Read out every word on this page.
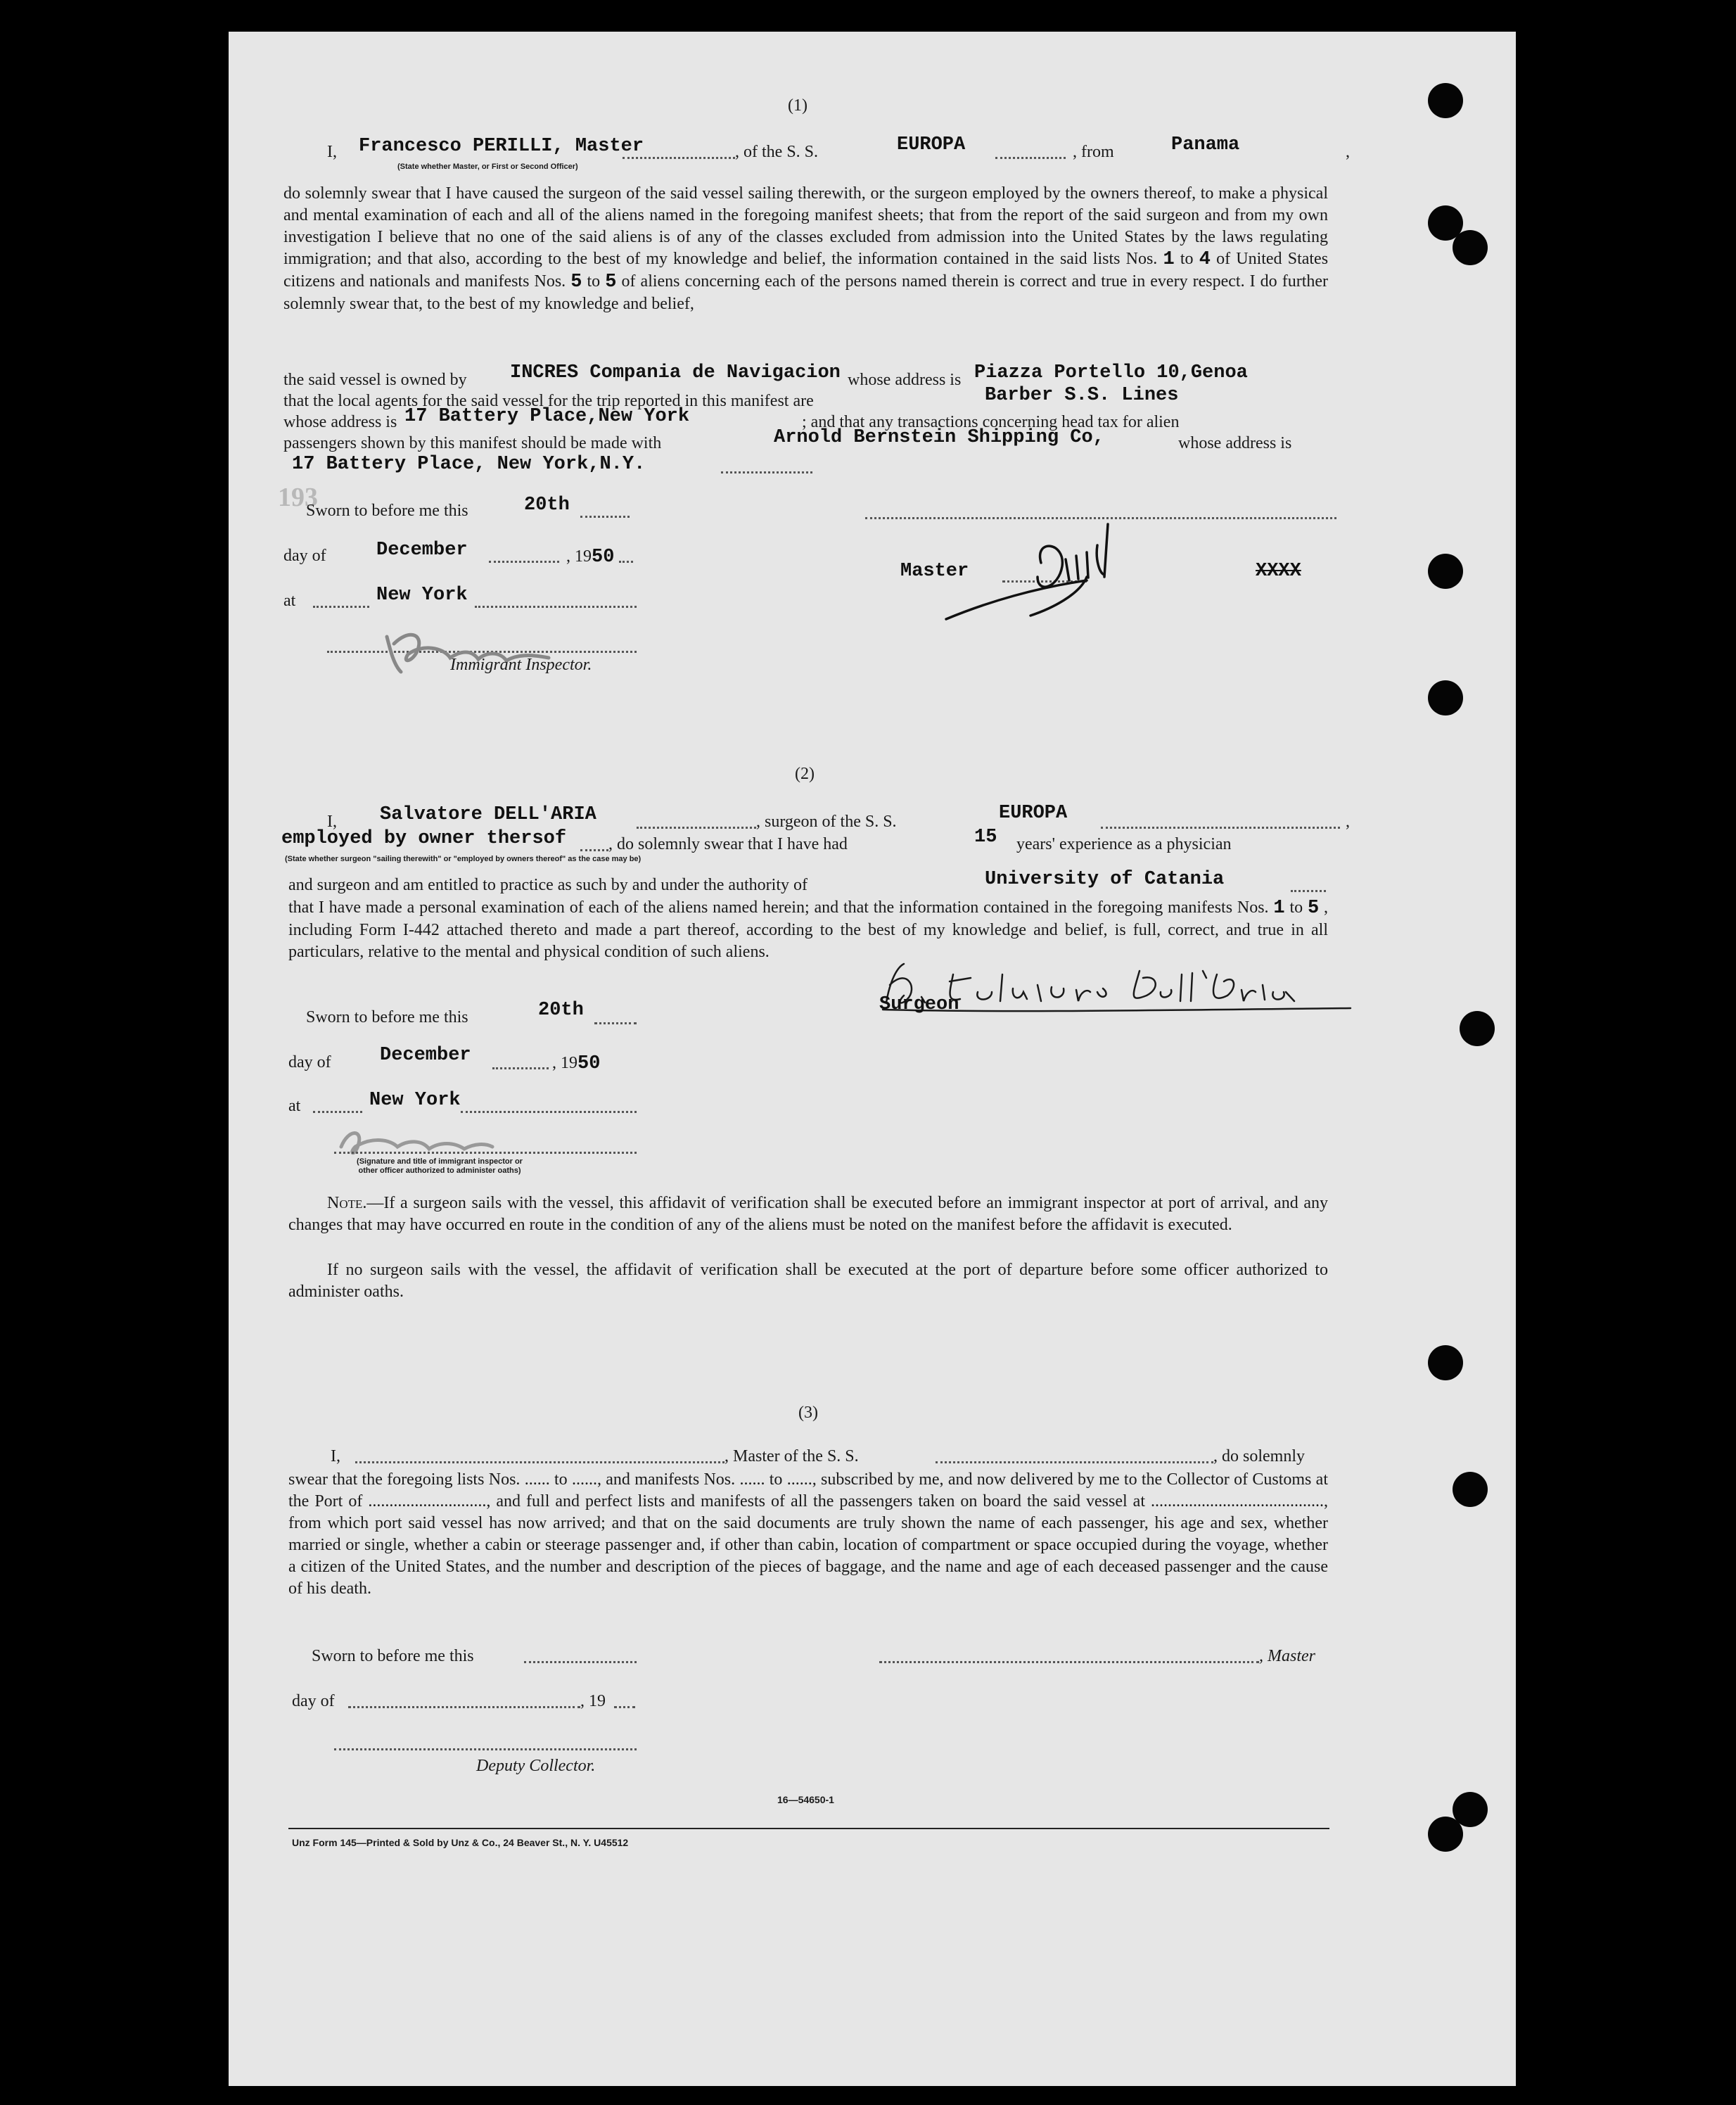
(1)
I, Francesco PERILLI, Master	, of the S. S.	EUROPA	, from	Panama	,
(State whether Master, or First or Second Officer)
do solemnly swear that I have caused the surgeon of the said vessel sailing therewith, or the surgeon employed by the owners thereof, to make a physical and mental examination of each and all of the aliens named in the foregoing manifest sheets; that from the report of the said surgeon and from my own investigation I believe that no one of the said aliens is of any of the classes excluded from admission into the United States by the laws regulating immigration; and that also, according to the best of my knowledge and belief, the information contained in the said lists Nos. 1 to 4 of United States citizens and nationals and manifests Nos. 5 to 5 of aliens concerning each of the persons named therein is correct and true in every respect. I do further solemnly swear that, to the best of my knowledge and belief,
the said vessel is owned by INCRES Compania de Navigacion whose address is Piazza Portello 10,Genoa
that the local agents for the said vessel for the trip reported in this manifest are	Barber S.S. Lines
whose address is 17 Battery Place,New York	; and that any transactions concerning head tax for alien
passengers shown by this manifest should be made with	Arnold Bernstein Shipping Co,	whose address is
17 Battery Place, New York,N.Y.
193
Sworn to before me this	20th
day of	December	, 1950
Master	XXXX
at	New York
Immigrant Inspector.
(2)
I, Salvatore DELL'ARIA	, surgeon of the S. S.	EUROPA	,
employed by owner thersof , do solemnly swear that I have had	15 years' experience as a physician
(State whether surgeon "sailing therewith" or "employed by owners thereof" as the case may be)
and surgeon and am entitled to practice as such by and under the authority of	University of Catania
that I have made a personal examination of each of the aliens named herein; and that the information contained in the foregoing manifests Nos. 1 to 5 , including Form I-442 attached thereto and made a part thereof, according to the best of my knowledge and belief, is full, correct, and true in all particulars, relative to the mental and physical condition of such aliens.
Sworn to before me this	20th	Surgeon
day of	December	, 1950
at	New York
(Signature and title of immigrant inspector or other officer authorized to administer oaths)
Note.—If a surgeon sails with the vessel, this affidavit of verification shall be executed before an immigrant inspector at port of arrival, and any changes that may have occurred en route in the condition of any of the aliens must be noted on the manifest before the affidavit is executed.
If no surgeon sails with the vessel, the affidavit of verification shall be executed at the port of departure before some officer authorized to administer oaths.
(3)
I,	, Master of the S. S.	, do solemnly
swear that the foregoing lists Nos. ...... to ......, and manifests Nos. ...... to ......, subscribed by me, and now delivered by me to the Collector of Customs at the Port of ............................, and full and perfect lists and manifests of all the passengers taken on board the said vessel at ........................................., from which port said vessel has now arrived; and that on the said documents are truly shown the name of each passenger, his age and sex, whether married or single, whether a cabin or steerage passenger and, if other than cabin, location of compartment or space occupied during the voyage, whether a citizen of the United States, and the number and description of the pieces of baggage, and the name and age of each deceased passenger and the cause of his death.
Sworn to before me this	, Master
day of	, 19
Deputy Collector.
16—54650-1
Unz Form 145—Printed & Sold by Unz & Co., 24 Beaver St., N. Y. U45512
